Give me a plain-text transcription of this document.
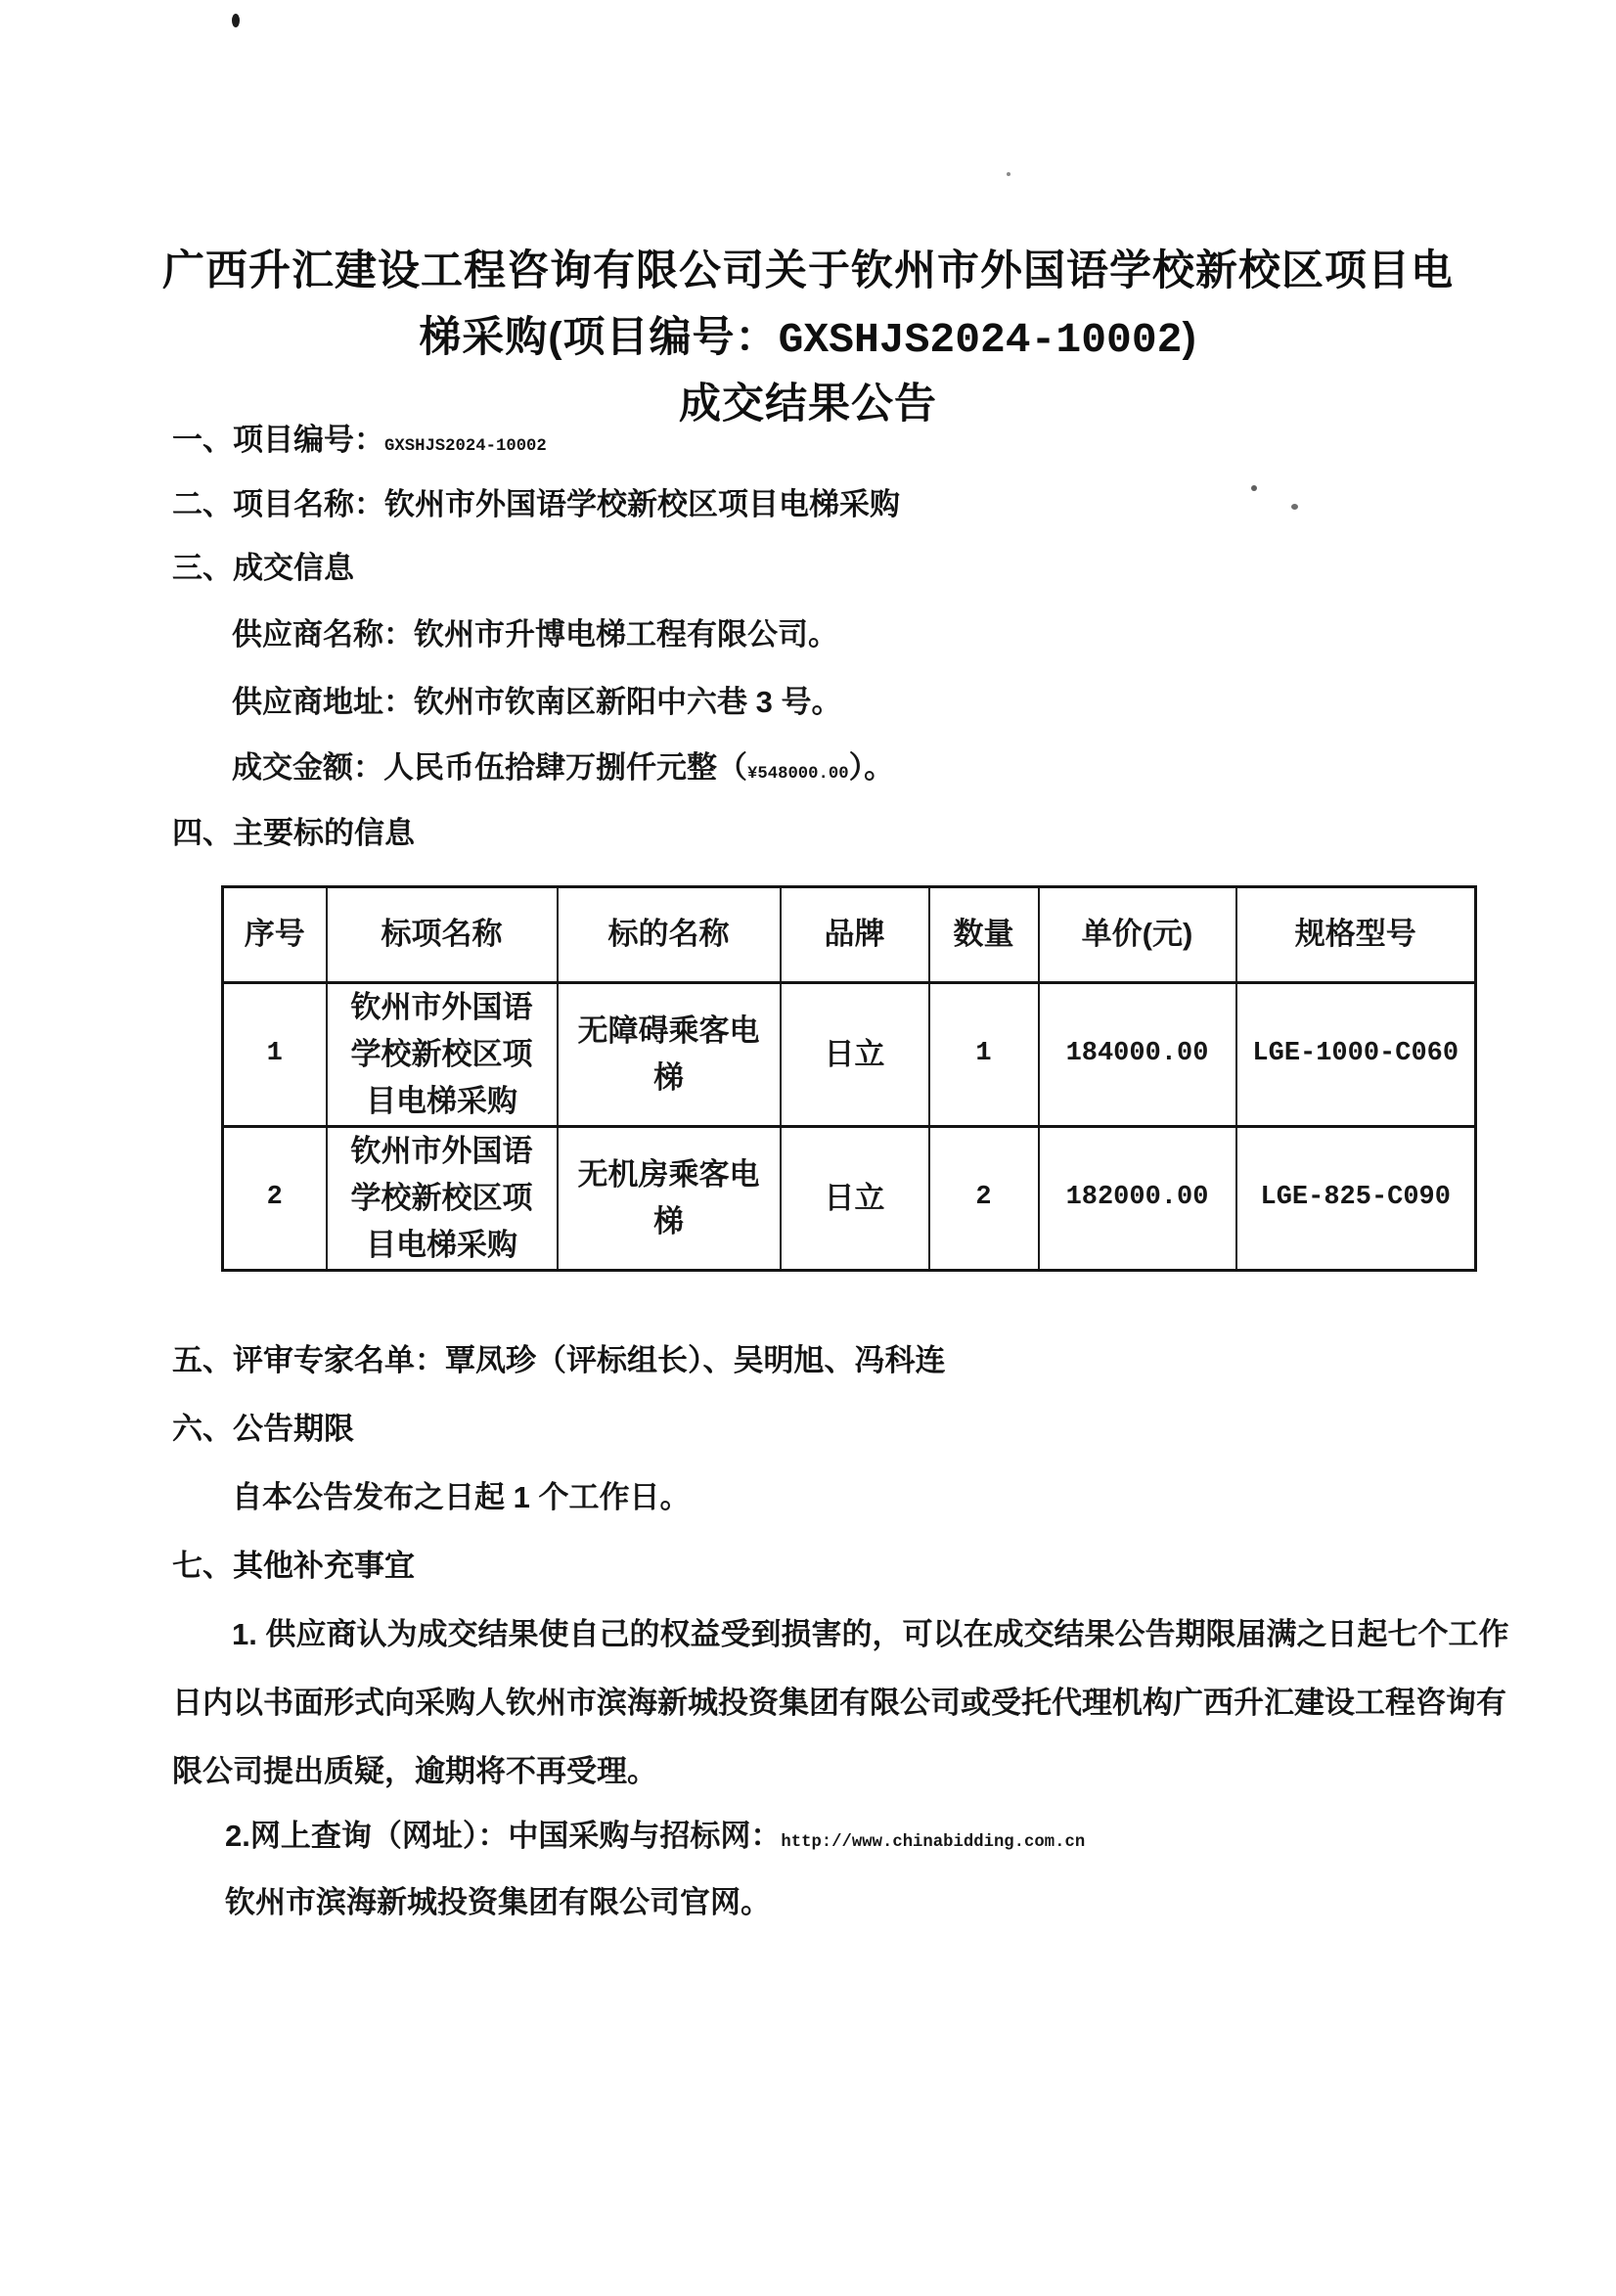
广西升汇建设工程咨询有限公司关于钦州市外国语学校新校区项目电
梯采购(项目编号：GXSHJS2024-10002)
成交结果公告
一、项目编号：GXSHJS2024-10002
二、项目名称：钦州市外国语学校新校区项目电梯采购
三、成交信息
供应商名称：钦州市升博电梯工程有限公司。
供应商地址：钦州市钦南区新阳中六巷 3 号。
成交金额：人民币伍拾肆万捌仟元整（¥548000.00）。
四、主要标的信息
序号	标项名称	标的名称	品牌	数量	单价(元)	规格型号
1	钦州市外国语学校新校区项目电梯采购	无障碍乘客电梯	日立	1	184000.00	LGE-1000-C060
2	钦州市外国语学校新校区项目电梯采购	无机房乘客电梯	日立	2	182000.00	LGE-825-C090
五、评审专家名单：覃凤珍（评标组长）、吴明旭、冯科连
六、公告期限
自本公告发布之日起 1 个工作日。
七、其他补充事宜
1. 供应商认为成交结果使自己的权益受到损害的，可以在成交结果公告期限届满之日起七个工作
日内以书面形式向采购人钦州市滨海新城投资集团有限公司或受托代理机构广西升汇建设工程咨询有
限公司提出质疑，逾期将不再受理。
2.网上查询（网址）：中国采购与招标网：http://www.chinabidding.com.cn
钦州市滨海新城投资集团有限公司官网。
